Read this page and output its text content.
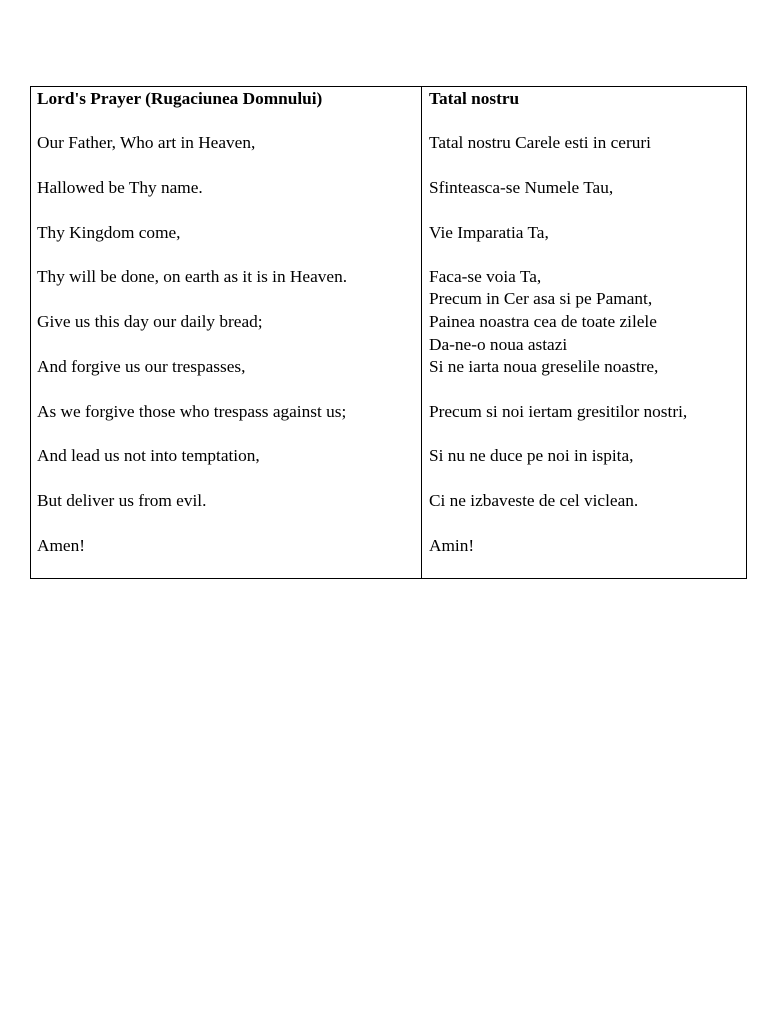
Lord's Prayer (Rugaciunea Domnului)
Our Father, Who art in Heaven,
Hallowed be Thy name.
Thy Kingdom come,
Thy will be done, on earth as it is in Heaven.
Give us this day our daily bread;
And forgive us our trespasses,
As we forgive those who trespass against us;
And lead us not into temptation,
But deliver us from evil.
Amen!
Tatal nostru
Tatal nostru Carele esti in ceruri
Sfinteasca-se Numele Tau,
Vie Imparatia Ta,
Faca-se voia Ta,
Precum in Cer asa si pe Pamant,
Painea noastra cea de toate zilele
Da-ne-o noua astazi
Si ne iarta noua greselile noastre,
Precum si noi iertam gresitilor nostri,
Si nu ne duce pe noi in ispita,
Ci ne izbaveste de cel viclean.
Amin!
